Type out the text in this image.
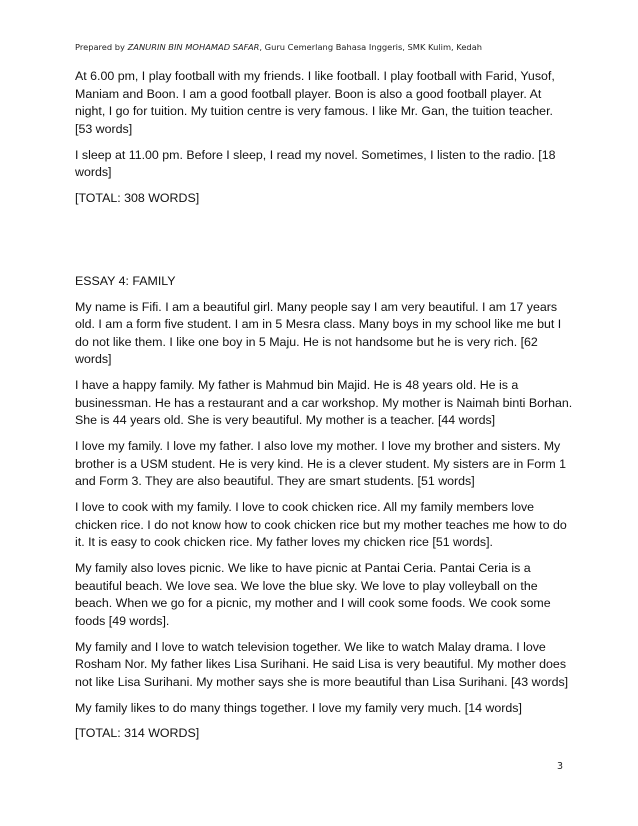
Prepared by ZANURIN BIN MOHAMAD SAFAR, Guru Cemerlang Bahasa Inggeris, SMK Kulim, Kedah

At 6.00 pm, I play football with my friends. I like football. I play football with Farid, Yusof, Maniam and Boon. I am a good football player. Boon is also a good football player. At night, I go for tuition. My tuition centre is very famous. I like Mr. Gan, the tuition teacher. [53 words]

I sleep at 11.00 pm. Before I sleep, I read my novel. Sometimes, I listen to the radio. [18 words]

[TOTAL: 308 WORDS]

ESSAY 4: FAMILY

My name is Fifi. I am a beautiful girl. Many people say I am very beautiful. I am 17 years old. I am a form five student. I am in 5 Mesra class. Many boys in my school like me but I do not like them. I like one boy in 5 Maju. He is not handsome but he is very rich. [62 words]

I have a happy family. My father is Mahmud bin Majid. He is 48 years old. He is a businessman. He has a restaurant and a car workshop. My mother is Naimah binti Borhan. She is 44 years old. She is very beautiful. My mother is a teacher. [44 words]

I love my family. I love my father. I also love my mother. I love my brother and sisters. My brother is a USM student. He is very kind. He is a clever student. My sisters are in Form 1 and Form 3. They are also beautiful. They are smart students. [51 words]

I love to cook with my family. I love to cook chicken rice. All my family members love chicken rice. I do not know how to cook chicken rice but my mother teaches me how to do it. It is easy to cook chicken rice. My father loves my chicken rice [51 words].

My family also loves picnic. We like to have picnic at Pantai Ceria. Pantai Ceria is a beautiful beach. We love sea. We love the blue sky. We love to play volleyball on the beach. When we go for a picnic, my mother and I will cook some foods. We cook some foods [49 words].

My family and I love to watch television together. We like to watch Malay drama. I love Rosham Nor. My father likes Lisa Surihani. He said Lisa is very beautiful. My mother does not like Lisa Surihani. My mother says she is more beautiful than Lisa Surihani. [43 words]

My family likes to do many things together. I love my family very much. [14 words]

[TOTAL: 314 WORDS]

3
